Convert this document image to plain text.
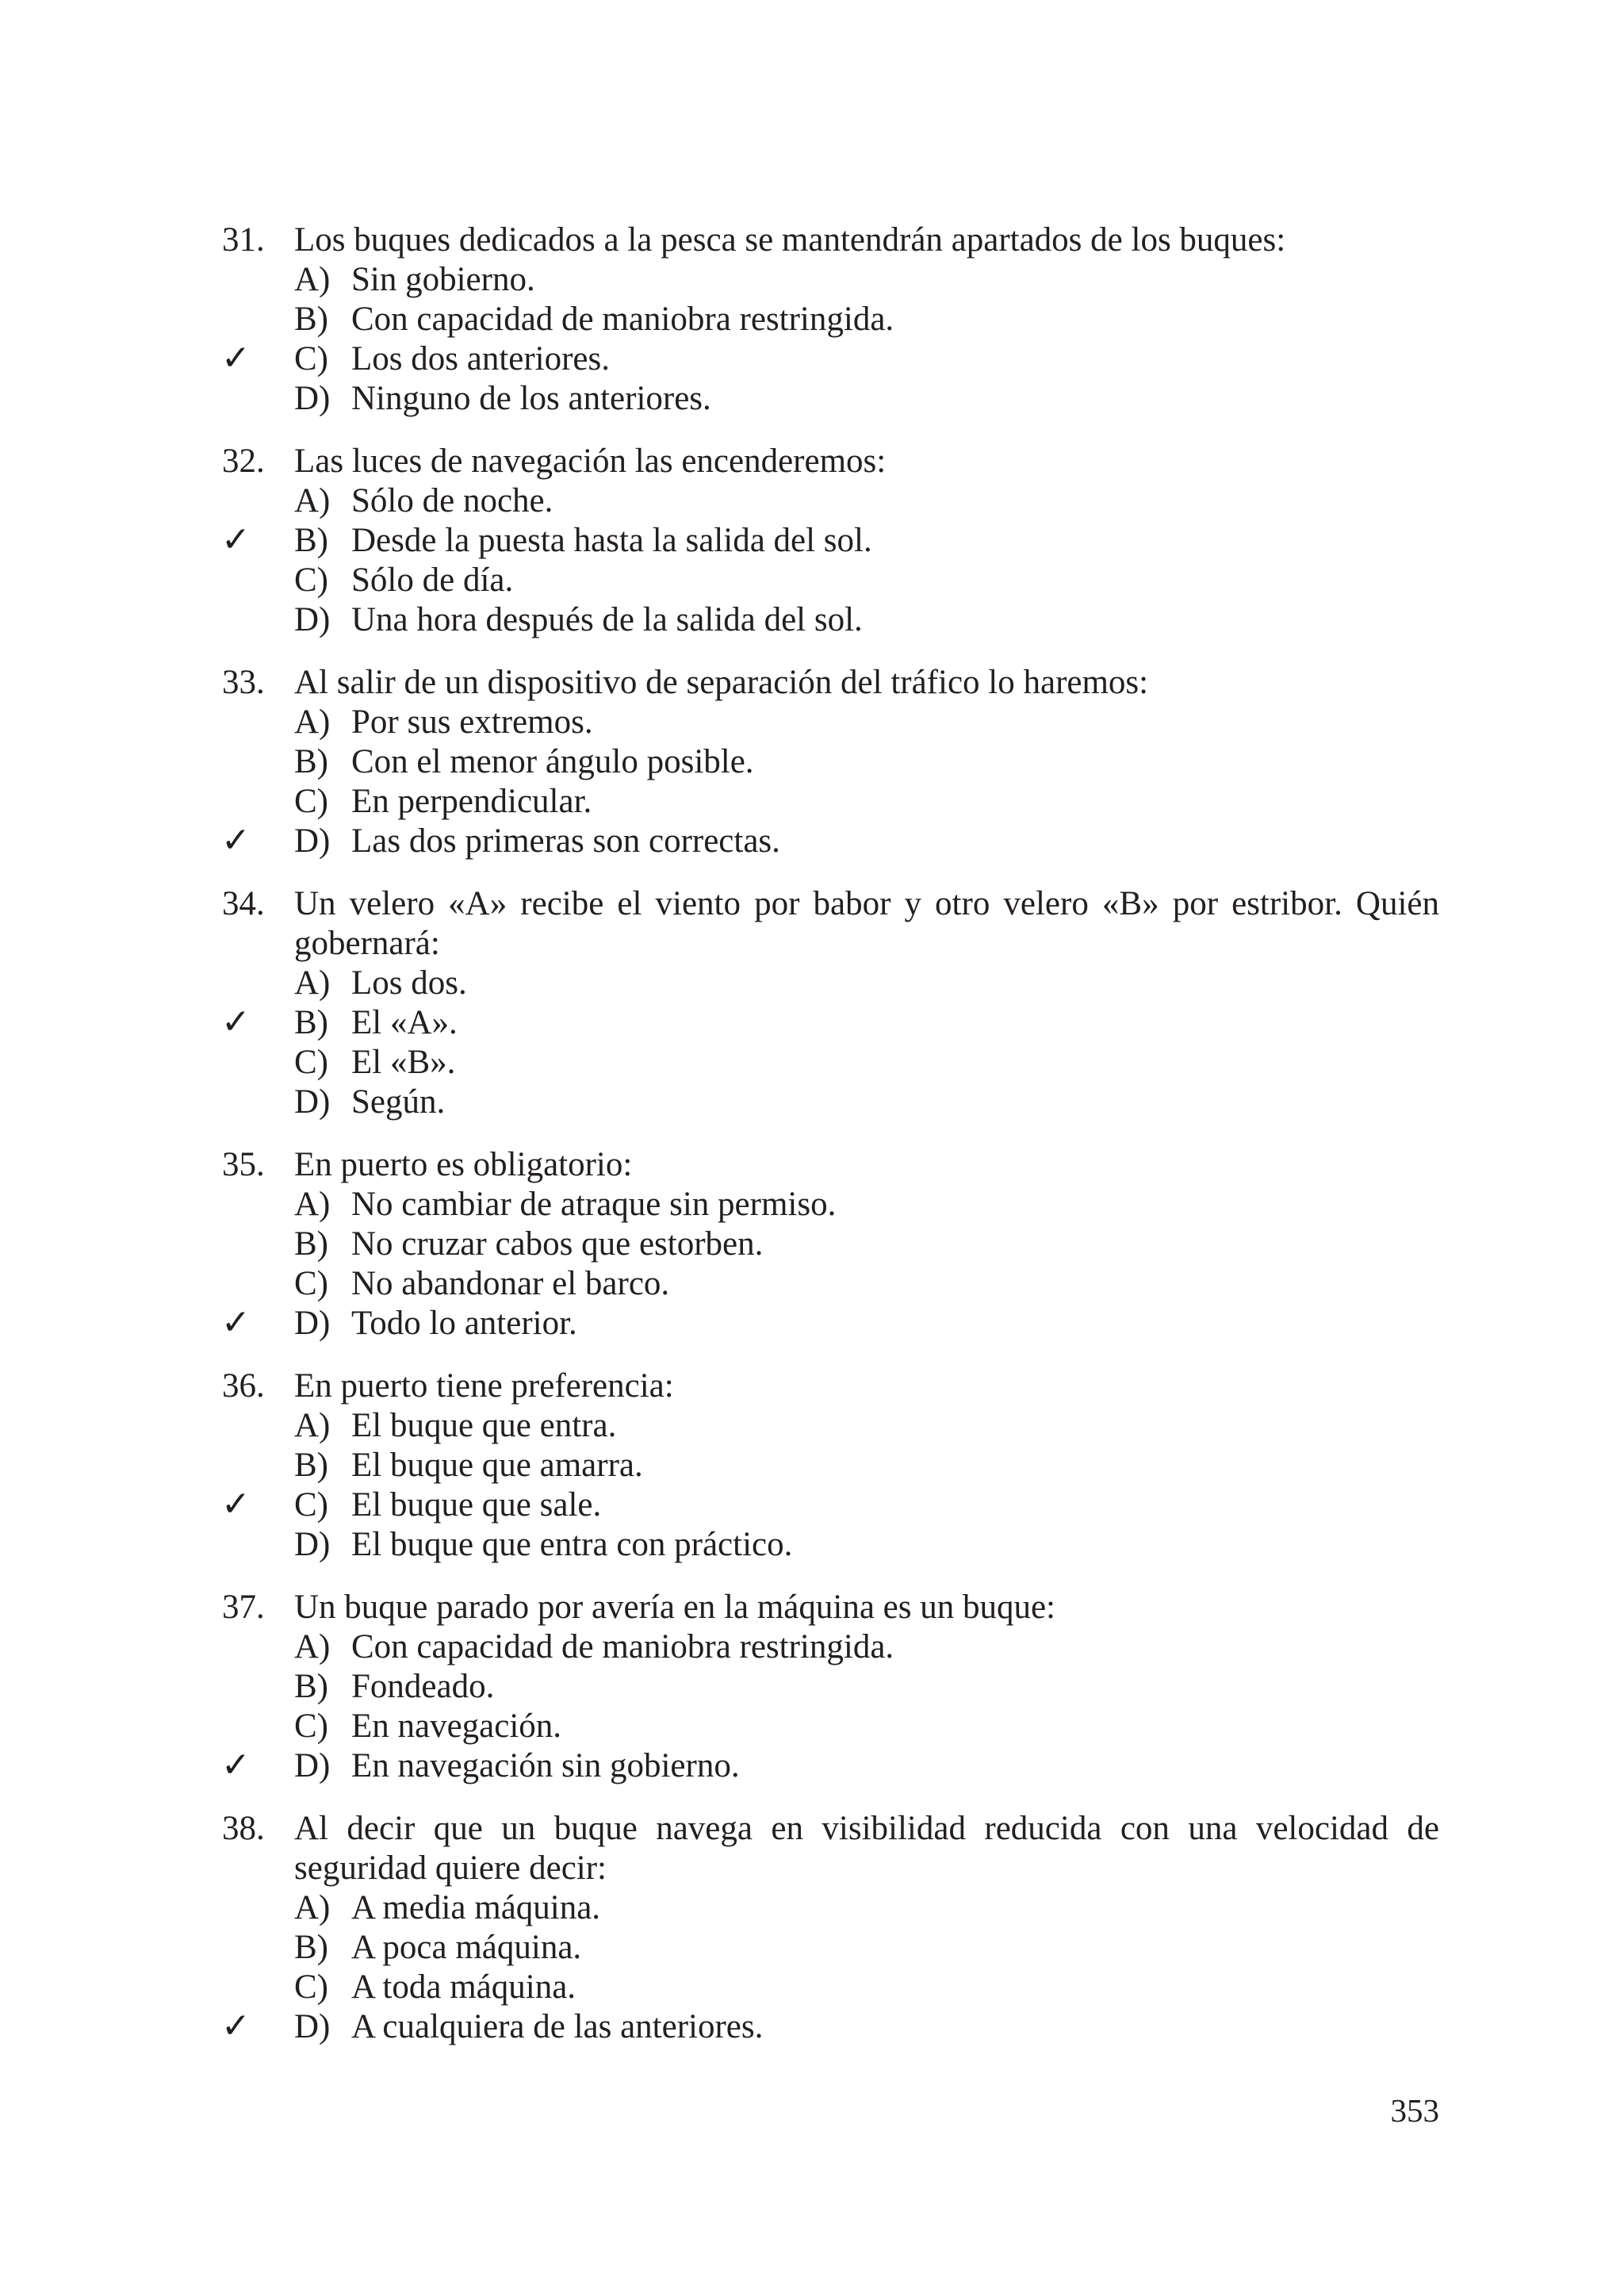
31. Los buques dedicados a la pesca se mantendrán apartados de los buques:
A) Sin gobierno.
B) Con capacidad de maniobra restringida.
✓ C) Los dos anteriores.
D) Ninguno de los anteriores.
32. Las luces de navegación las encenderemos:
A) Sólo de noche.
✓ B) Desde la puesta hasta la salida del sol.
C) Sólo de día.
D) Una hora después de la salida del sol.
33. Al salir de un dispositivo de separación del tráfico lo haremos:
A) Por sus extremos.
B) Con el menor ángulo posible.
C) En perpendicular.
✓ D) Las dos primeras son correctas.
34. Un velero «A» recibe el viento por babor y otro velero «B» por estribor. Quién gobernará:
A) Los dos.
✓ B) El «A».
C) El «B».
D) Según.
35. En puerto es obligatorio:
A) No cambiar de atraque sin permiso.
B) No cruzar cabos que estorben.
C) No abandonar el barco.
✓ D) Todo lo anterior.
36. En puerto tiene preferencia:
A) El buque que entra.
B) El buque que amarra.
✓ C) El buque que sale.
D) El buque que entra con práctico.
37. Un buque parado por avería en la máquina es un buque:
A) Con capacidad de maniobra restringida.
B) Fondeado.
C) En navegación.
✓ D) En navegación sin gobierno.
38. Al decir que un buque navega en visibilidad reducida con una velocidad de seguridad quiere decir:
A) A media máquina.
B) A poca máquina.
C) A toda máquina.
✓ D) A cualquiera de las anteriores.
353
